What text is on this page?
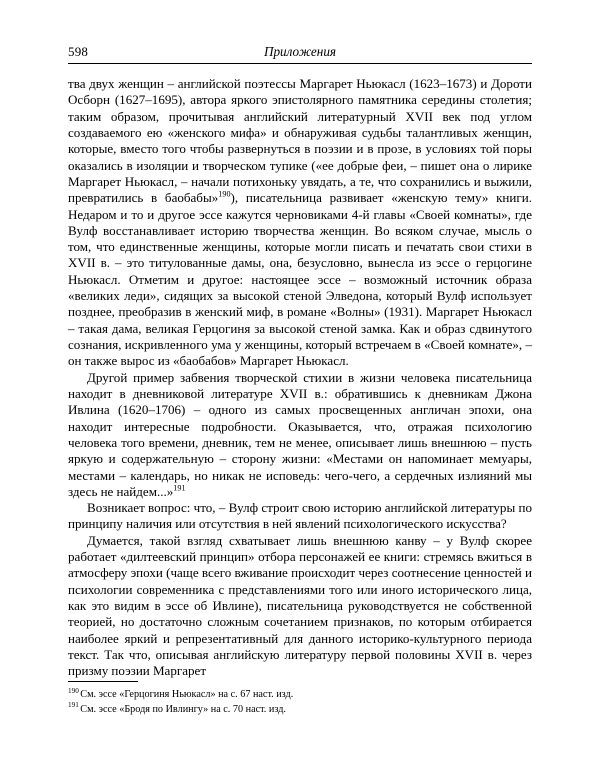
598	Приложения

тва двух женщин – английской поэтессы Маргарет Ньюкасл (1623–1673) и Дороти Осборн (1627–1695), автора яркого эпистолярного памятника середины столетия; таким образом, прочитывая английский литературный XVII век под углом создаваемого ею «женского мифа» и обнаруживая судьбы талантливых женщин, которые, вместо того чтобы развернуться в поэзии и в прозе, в условиях той поры оказались в изоляции и творческом тупике («ее добрые феи, – пишет она о лирике Маргарет Ньюкасл, – начали потихоньку увядать, а те, что сохранились и выжили, превратились в баобабы»$^{190}$), писательница развивает «женскую тему» книги. Недаром и то и другое эссе кажутся черновиками 4-й главы «Своей комнаты», где Вулф восстанавливает историю творчества женщин. Во всяком случае, мысль о том, что единственные женщины, которые могли писать и печатать свои стихи в XVII в. – это титулованные дамы, она, безусловно, вынесла из эссе о герцогине Ньюкасл. Отметим и другое: настоящее эссе – возможный источник образа «великих леди», сидящих за высокой стеной Элведона, который Вулф использует позднее, преобразив в женский миф, в романе «Волны» (1931). Маргарет Ньюкасл – такая дама, великая Герцогиня за высокой стеной замка. Как и образ сдвинутого сознания, искривленного ума у женщины, который встречаем в «Своей комнате», – он также вырос из «баобабов» Маргарет Ньюкасл.

Другой пример забвения творческой стихии в жизни человека писательница находит в дневниковой литературе XVII в.: обратившись к дневникам Джона Ивлина (1620–1706) – одного из самых просвещенных англичан эпохи, она находит интересные подробности. Оказывается, что, отражая психологию человека того времени, дневник, тем не менее, описывает лишь внешнюю – пусть яркую и содержательную – сторону жизни: «Местами он напоминает мемуары, местами – календарь, но никак не исповедь: чего-чего, а сердечных излияний мы здесь не найдем...»$^{191}$

Возникает вопрос: что, – Вулф строит свою историю английской литературы по принципу наличия или отсутствия в ней явлений психологического искусства?

Думается, такой взгляд схватывает лишь внешнюю канву – у Вулф скорее работает «дилтеевский принцип» отбора персонажей ее книги: стремясь вжиться в атмосферу эпохи (чаще всего вживание происходит через соотнесение ценностей и психологии современника с представлениями того или иного исторического лица, как это видим в эссе об Ивлине), писательница руководствуется не собственной теорией, но достаточно сложным сочетанием признаков, по которым отбирается наиболее яркий и репрезентативный для данного историко-культурного периода текст. Так что, описывая английскую литературу первой половины XVII в. через призму поэзии Маргарет

$^{190}$ См. эссе «Герцогиня Ньюкасл» на с. 67 наст. изд.

$^{191}$ См. эссе «Бродя по Ивлингу» на с. 70 наст. изд.
